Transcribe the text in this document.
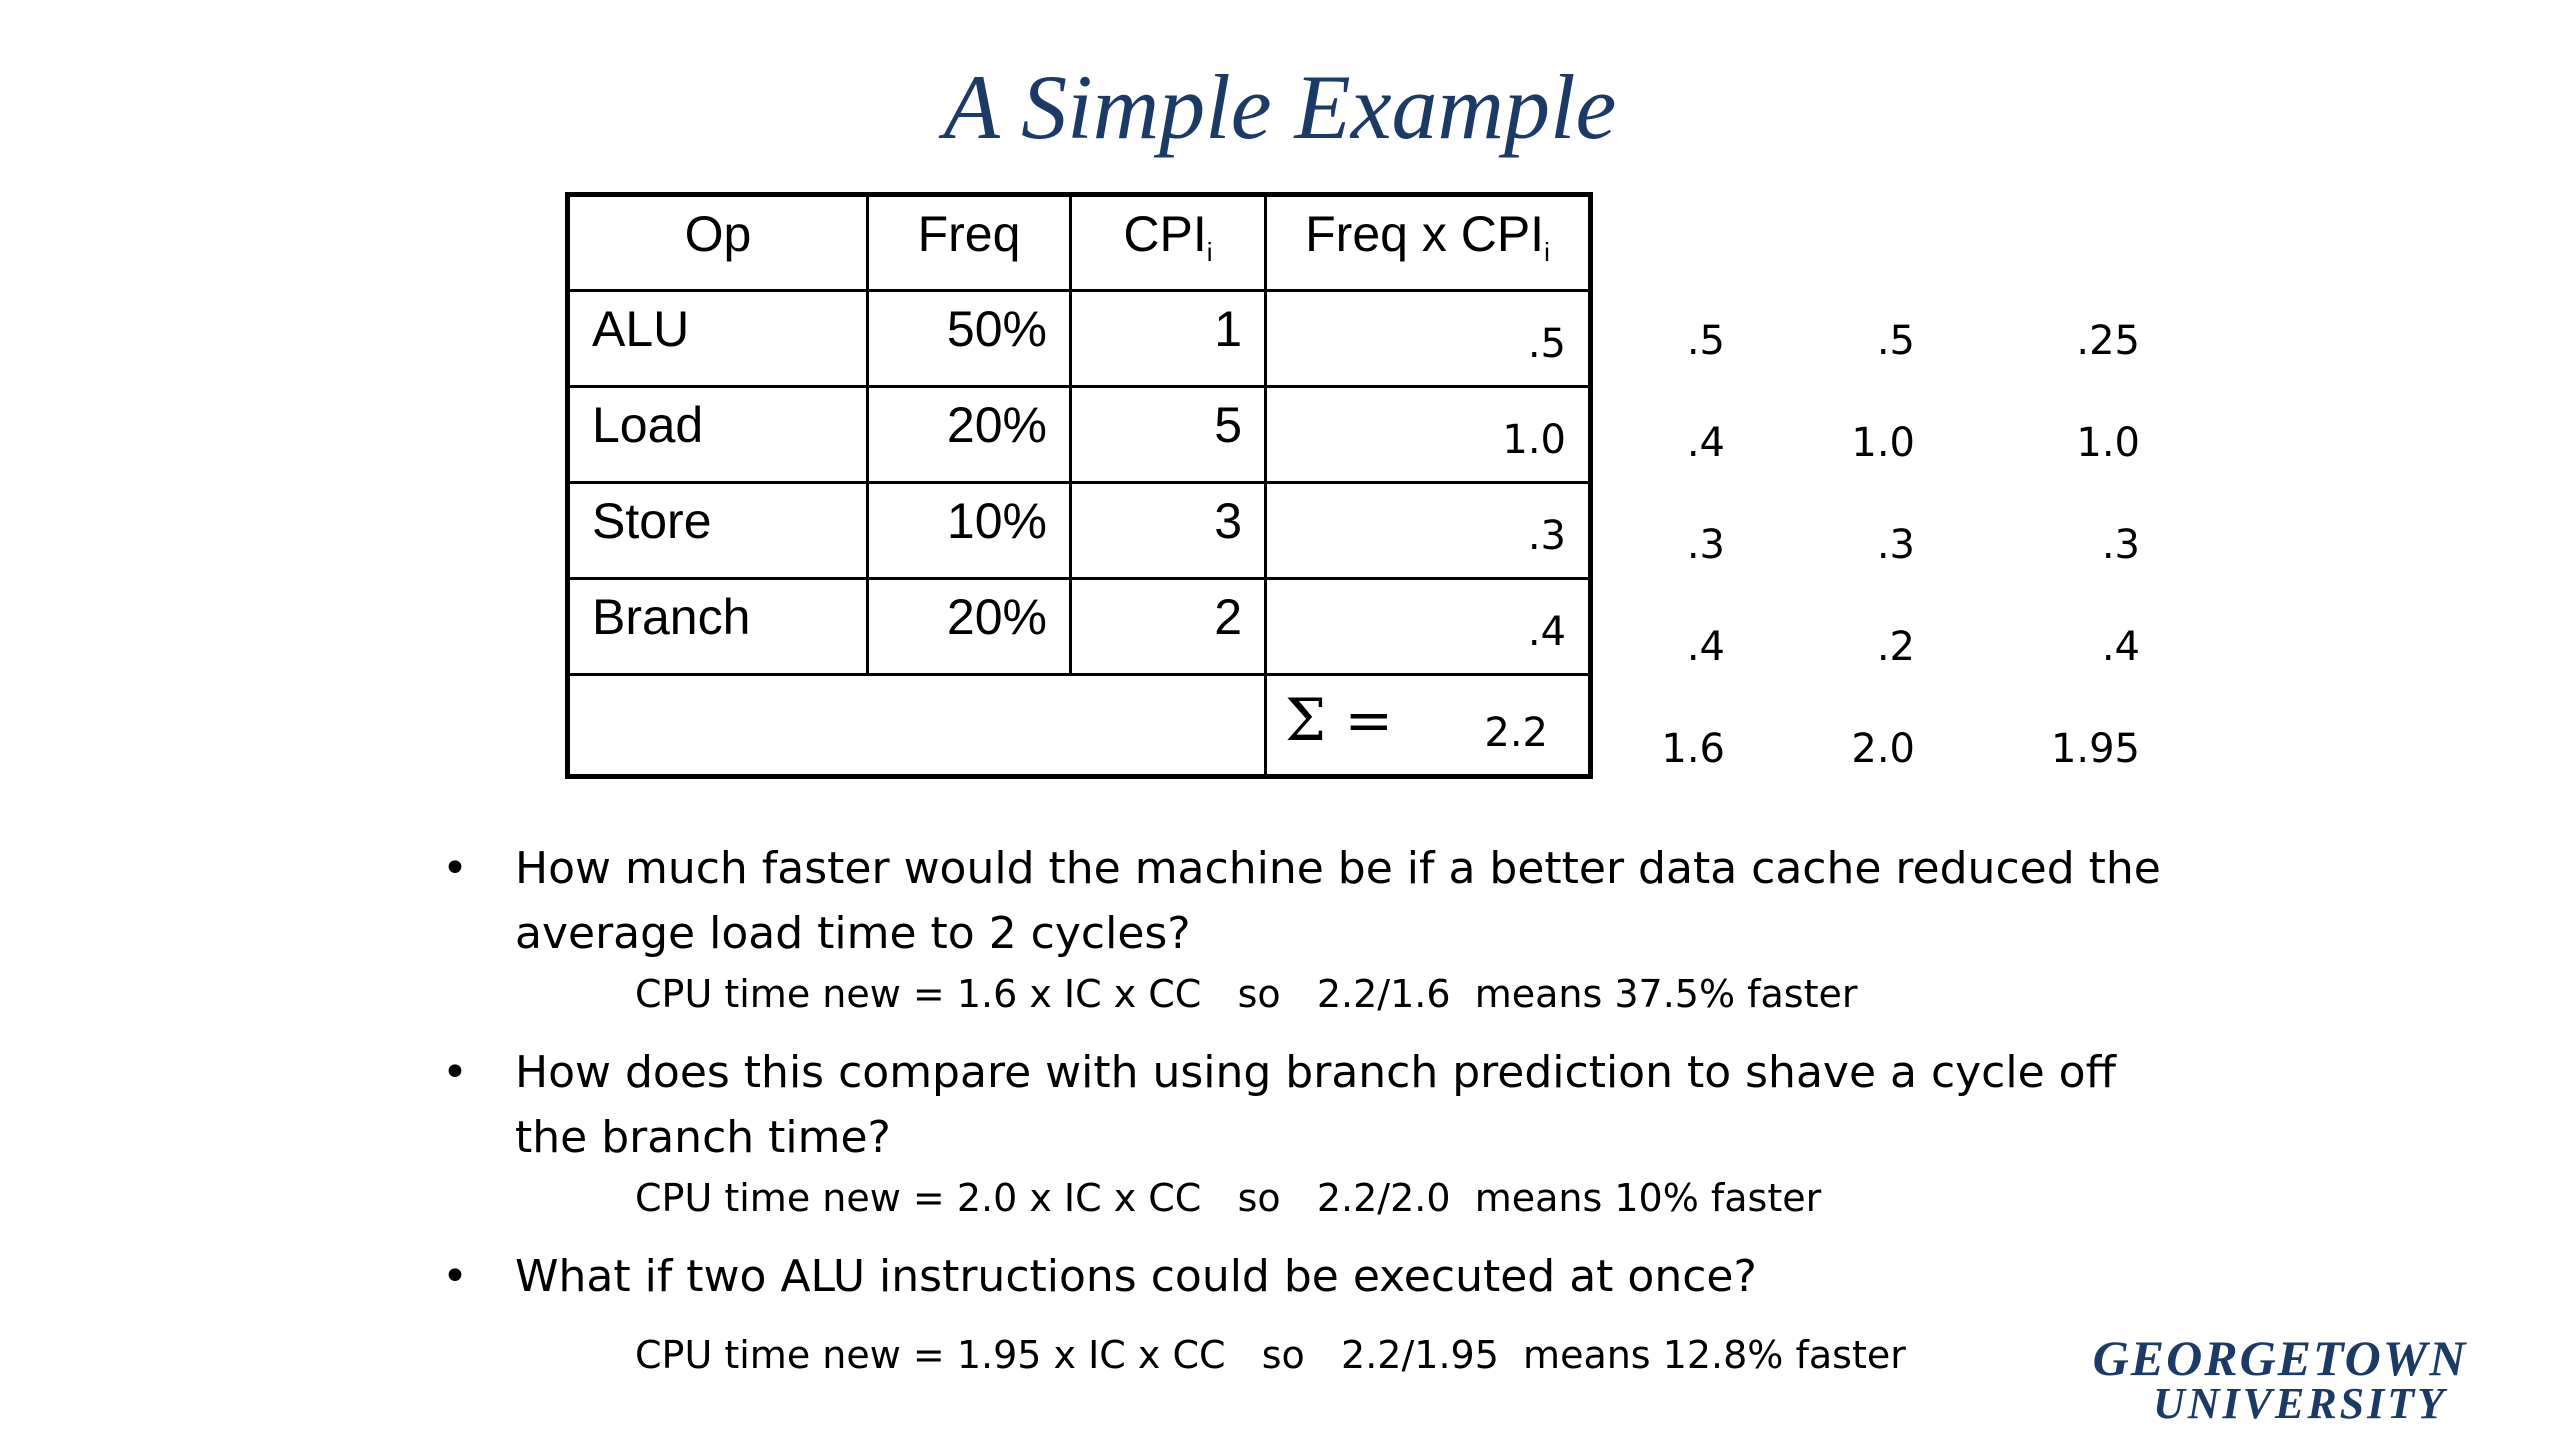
A Simple Example
Op	Freq	$CPI_i$	Freq x $CPI_i$
ALU	50%	1	.5
Load	20%	5	1.0
Store	10%	3	.3
Branch	20%	2	.4

			Σ = 2.2
.5	.5	.25
.4	1.0	1.0
.3	.3	.3
.4	.2	.4
1.6	2.0	1.95
• How much faster would the machine be if a better data cache reduced the average load time to 2 cycles?
CPU time new = 1.6 x IC x CC   so   2.2/1.6  means 37.5% faster
• How does this compare with using branch prediction to shave a cycle off the branch time?
CPU time new = 2.0 x IC x CC   so   2.2/2.0  means 10% faster
• What if two ALU instructions could be executed at once?
CPU time new = 1.95 x IC x CC   so   2.2/1.95  means 12.8% faster	GEORGETOWN
UNIVERSITY
